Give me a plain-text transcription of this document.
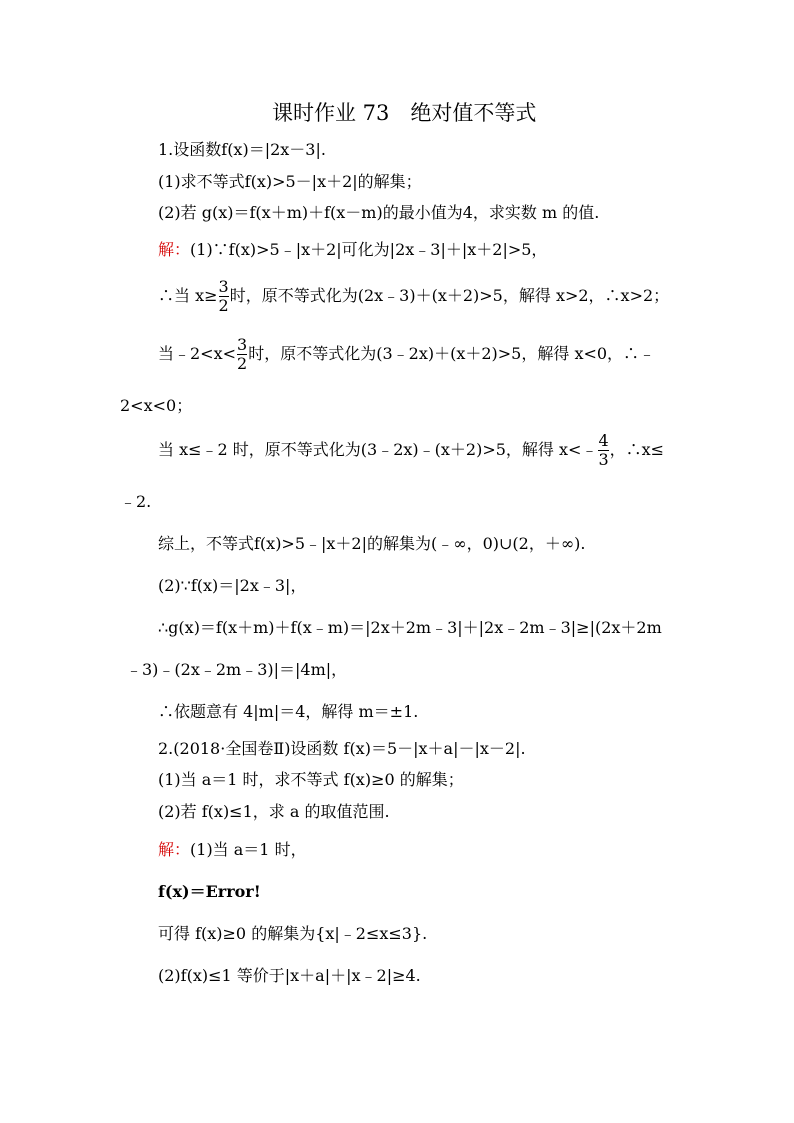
课时作业 73　绝对值不等式
1.设函数f(x)＝|2x－3|.
(1)求不等式f(x)>5－|x＋2|的解集；
(2)若 g(x)＝f(x＋m)＋f(x－m)的最小值为4，求实数 m 的值.
解：(1)∵f(x)>5﹣|x＋2|可化为|2x﹣3|＋|x＋2|>5，
∴当 $x\ge \frac{3}{2}$ 时，原不等式化为(2x﹣3)＋(x＋2)>5，解得 x>2，∴x>2；
当﹣2<x< $\frac{3}{2}$ 时，原不等式化为(3﹣2x)＋(x＋2)>5，解得 x<0，∴﹣
2<x<0；
当 x≤﹣2 时，原不等式化为(3﹣2x)﹣(x＋2)>5，解得 x<﹣ $\frac{4}{3}$ ，∴x≤
﹣2.
综上，不等式f(x)>5﹣|x＋2|的解集为(﹣∞，0)∪(2，＋∞).
(2)∵f(x)＝|2x﹣3|，
∴g(x)＝f(x＋m)＋f(x﹣m)＝|2x＋2m﹣3|＋|2x﹣2m﹣3|≥|(2x＋2m
﹣3)﹣(2x﹣2m﹣3)|＝|4m|，
∴依题意有 4|m|＝4，解得 m＝±1.
2.(2018·全国卷Ⅱ)设函数 f(x)＝5－|x＋a|－|x－2|.
(1)当 a＝1 时，求不等式 f(x)≥0 的解集；
(2)若 f(x)≤1，求 a 的取值范围.
解：(1)当 a＝1 时，
f(x)＝Error!
可得 f(x)≥0 的解集为{x|﹣2≤x≤3}.
(2)f(x)≤1 等价于|x＋a|＋|x﹣2|≥4.
